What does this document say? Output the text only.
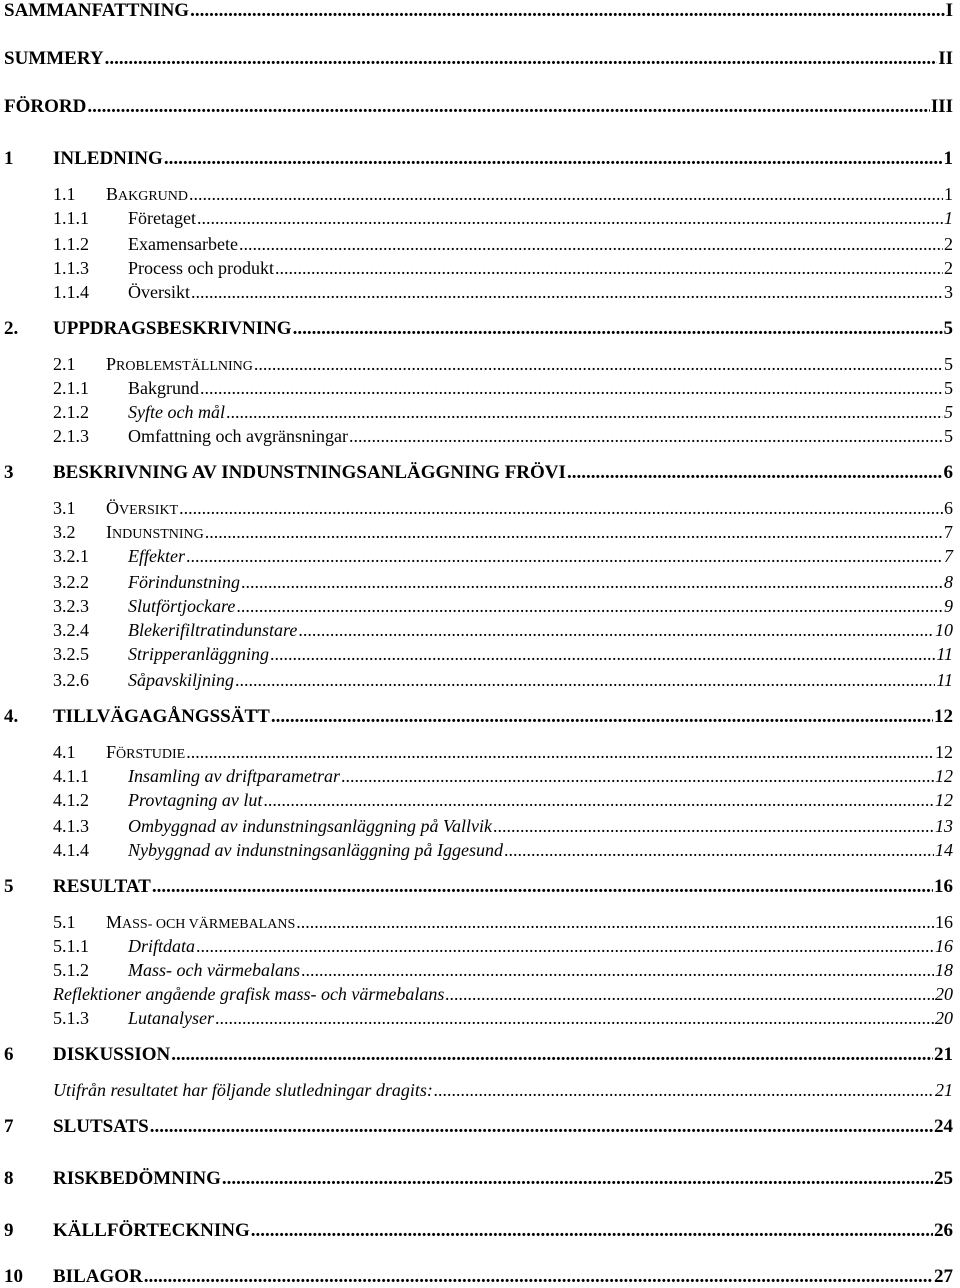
SAMMANFATTNING .....	I
SUMMERY .....	II
FÖRORD .....	III
1	INLEDNING .....	1
1.1	BAKGRUND .....	1
1.1.1	Företaget .....	1
1.1.2	Examensarbete .....	2
1.1.3	Process och produkt .....	2
1.1.4	Översikt .....	3
2.	UPPDRAGSBESKRIVNING .....	5
2.1	PROBLEMSTÄLLNING .....	5
2.1.1	Bakgrund .....	5
2.1.2	Syfte och mål .....	5
2.1.3	Omfattning och avgränsningar .....	5
3	BESKRIVNING AV INDUNSTNINGSANLÄGGNING FRÖVI .....	6
3.1	ÖVERSIKT .....	6
3.2	INDUNSTNING .....	7
3.2.1	Effekter .....	7
3.2.2	Förindunstning .....	8
3.2.3	Slutförtjockare .....	9
3.2.4	Blekerifiltratindunstare .....	10
3.2.5	Stripperanläggning .....	11
3.2.6	Såpavskiljning .....	11
4.	TILLVÄGAGÅNGSSÄTT .....	12
4.1	FÖRSTUDIE .....	12
4.1.1	Insamling av driftparametrar .....	12
4.1.2	Provtagning av lut .....	12
4.1.3	Ombyggnad av indunstningsanläggning på Vallvik .....	13
4.1.4	Nybyggnad av indunstningsanläggning på Iggesund .....	14
5	RESULTAT .....	16
5.1	MASS- OCH VÄRMEBALANS .....	16
5.1.1	Driftdata .....	16
5.1.2	Mass- och värmebalans .....	18
Reflektioner angående grafisk mass- och värmebalans .....	20
5.1.3	Lutanalyser .....	20
6	DISKUSSION .....	21
Utifrån resultatet har följande slutledningar dragits: .....	21
7	SLUTSATS .....	24
8	RISKBEDÖMNING .....	25
9	KÄLLFÖRTECKNING .....	26
10	BILAGOR .....	27
